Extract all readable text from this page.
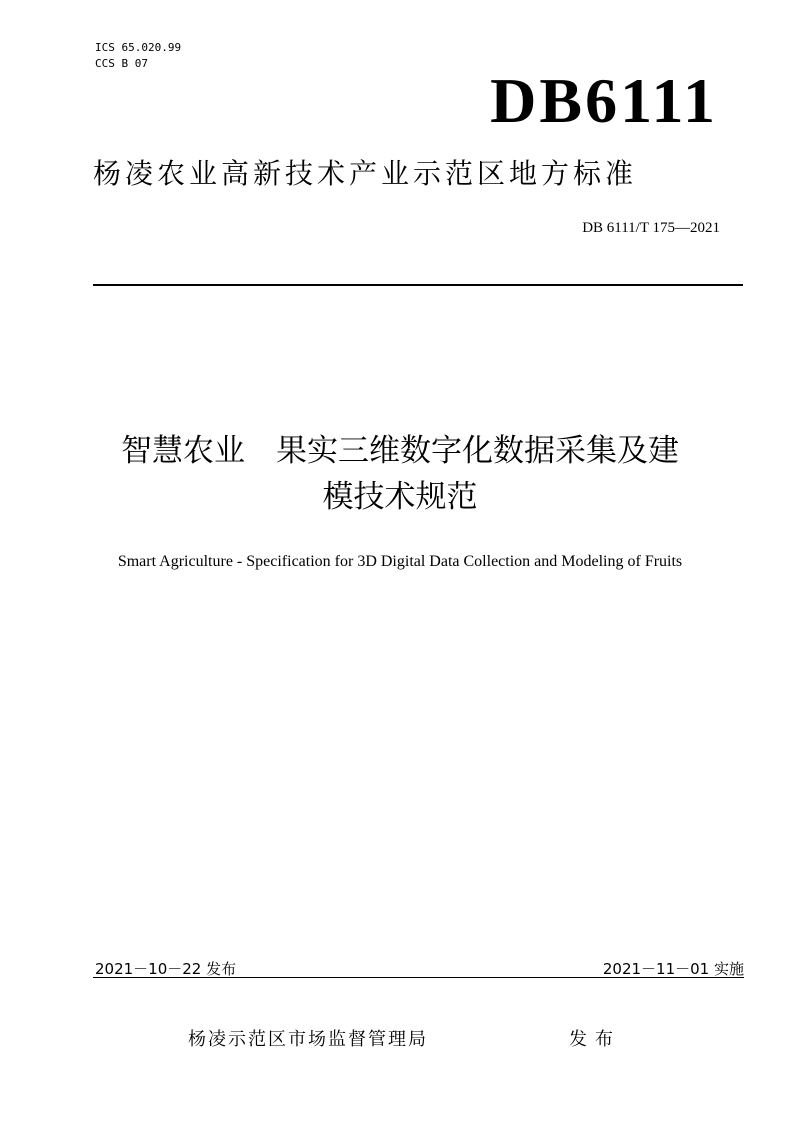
ICS 65.020.99
CCS B 07
DB6111
杨凌农业高新技术产业示范区地方标准
DB 6111/T 175—2021
智慧农业　果实三维数字化数据采集及建
模技术规范
Smart Agriculture - Specification for 3D Digital Data Collection and Modeling of Fruits
2021－10－22 发布	2021－11－01 实施
杨凌示范区市场监督管理局	发布
